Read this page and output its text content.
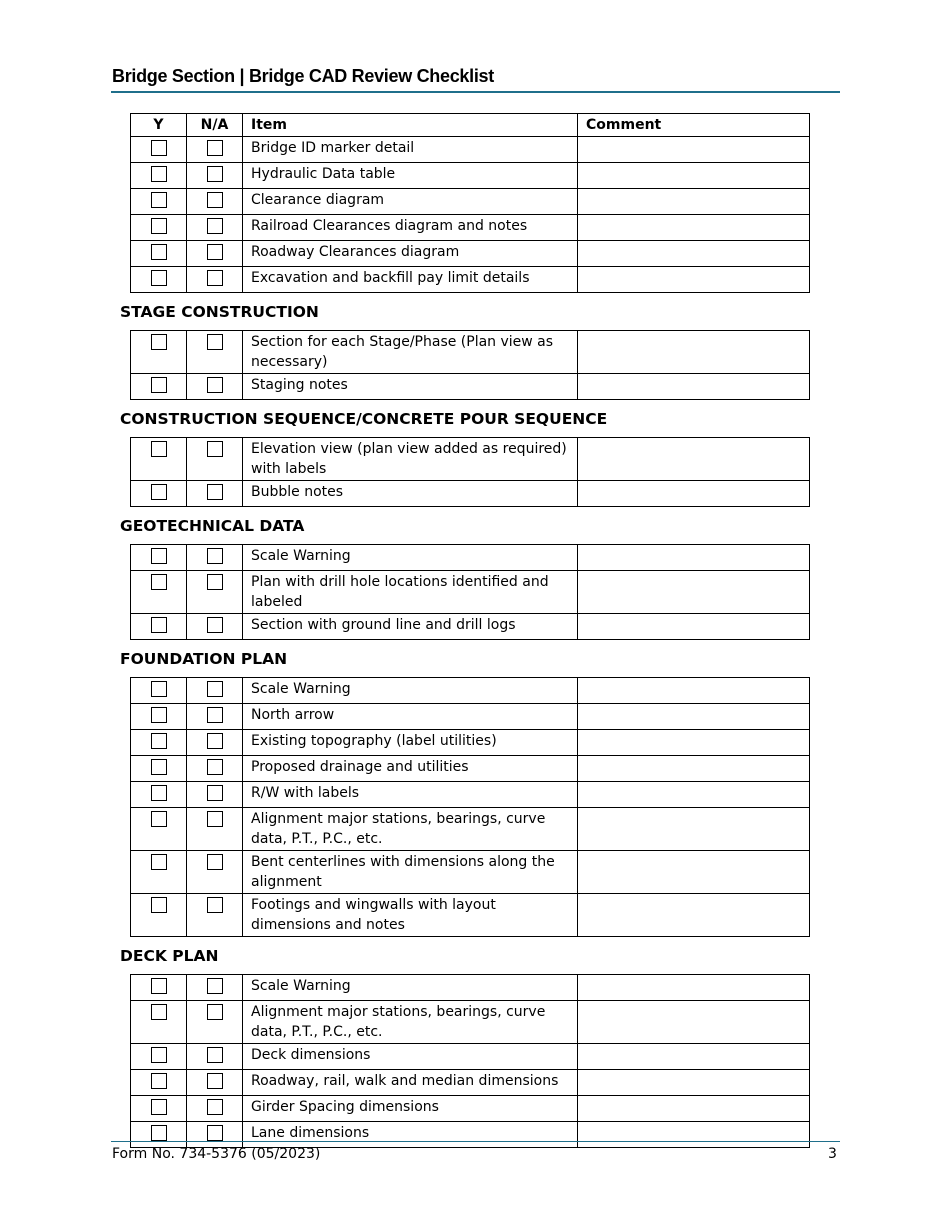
Bridge Section | Bridge CAD Review Checklist
Y	N/A	Item	Comment
		Bridge ID marker detail	
		Hydraulic Data table	
		Clearance diagram	
		Railroad Clearances diagram and notes	
		Roadway Clearances diagram	
		Excavation and backfill pay limit details	
STAGE CONSTRUCTION
		Section for each Stage/Phase (Plan view as necessary)	
		Staging notes	
CONSTRUCTION SEQUENCE/CONCRETE POUR SEQUENCE
		Elevation view (plan view added as required) with labels	
		Bubble notes	
GEOTECHNICAL DATA
		Scale Warning	
		Plan with drill hole locations identified and labeled	
		Section with ground line and drill logs	
FOUNDATION PLAN
		Scale Warning	
		North arrow	
		Existing topography (label utilities)	
		Proposed drainage and utilities	
		R/W with labels	
		Alignment major stations, bearings, curve data, P.T., P.C., etc.	
		Bent centerlines with dimensions along the alignment	
		Footings and wingwalls with layout dimensions and notes	
DECK PLAN
		Scale Warning	
		Alignment major stations, bearings, curve data, P.T., P.C., etc.	
		Deck dimensions	
		Roadway, rail, walk and median dimensions	
		Girder Spacing dimensions	
		Lane dimensions	
Form No. 734-5376 (05/2023)	3
